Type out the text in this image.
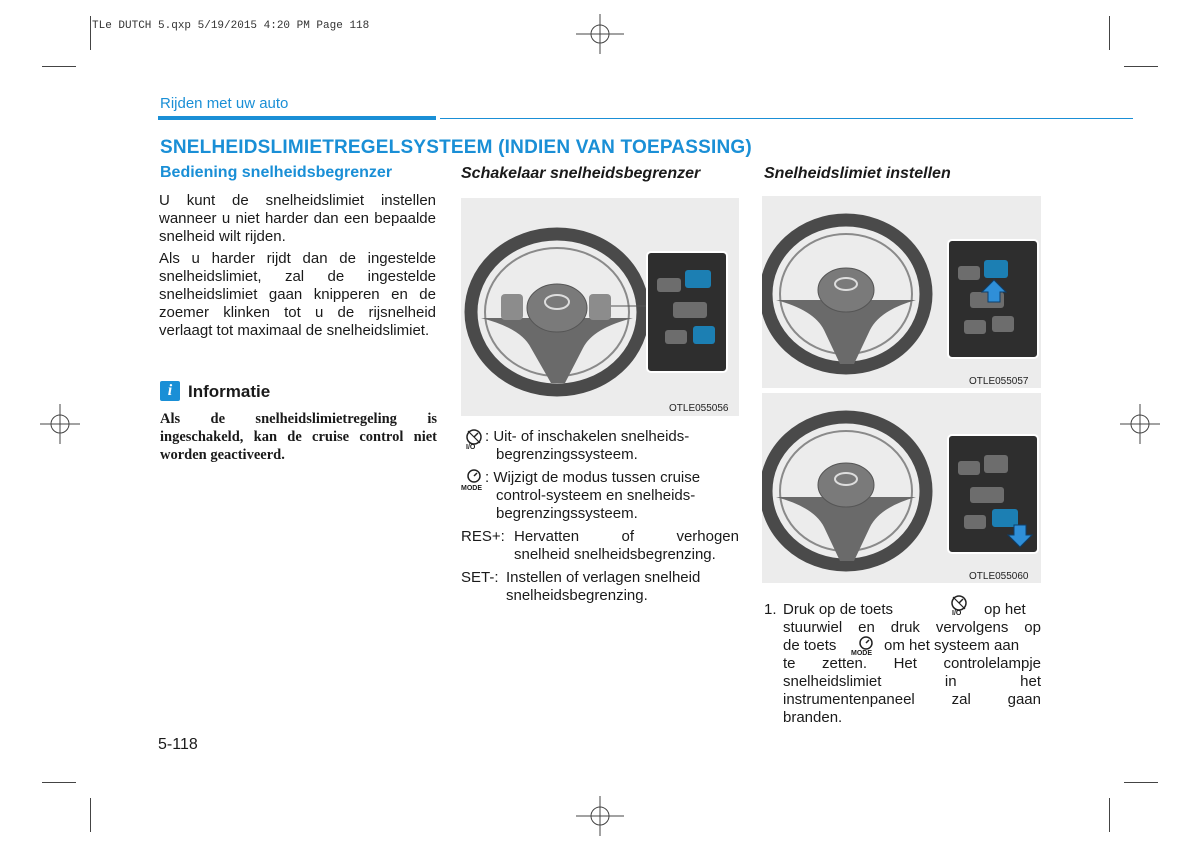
TLe DUTCH 5.qxp 5/19/2015 4:20 PM Page 118
Rijden met uw auto
SNELHEIDSLIMIETREGELSYSTEEM (INDIEN VAN TOEPASSING)
Bediening snelheidsbegrenzer
U kunt de snelheidslimiet instellen wanneer u niet harder dan een bepaalde snelheid wilt rijden.
Als u harder rijdt dan de ingestelde snelheidslimiet, zal de ingestelde snelheidslimiet gaan knipperen en de zoemer klinken tot u de rijsnelheid verlaagt tot maximaal de snelheidslimiet.
i Informatie
Als de snelheidslimietregeling is ingeschakeld, kan de cruise control niet worden geactiveerd.
Schakelaar snelheidsbegrenzer
OTLE055056
I/O
: Uit- of inschakelen snelheids-
begrenzingssysteem.
MODE
: Wijzigt de modus tussen cruise
control-systeem en snelheids-
begrenzingssysteem.
RES+: Hervatten of verhogen
snelheid snelheidsbegrenzing.
SET-: Instellen of verlagen snelheid
snelheidsbegrenzing.
Snelheidslimiet instellen
OTLE055057
OTLE055060
1. Druk op de toets	I/O op het
stuurwiel en druk vervolgens op
de toets MODE om het systeem aan
te zetten. Het controlelampje
snelheidslimiet in het
instrumentenpaneel zal gaan
branden.
5-118
